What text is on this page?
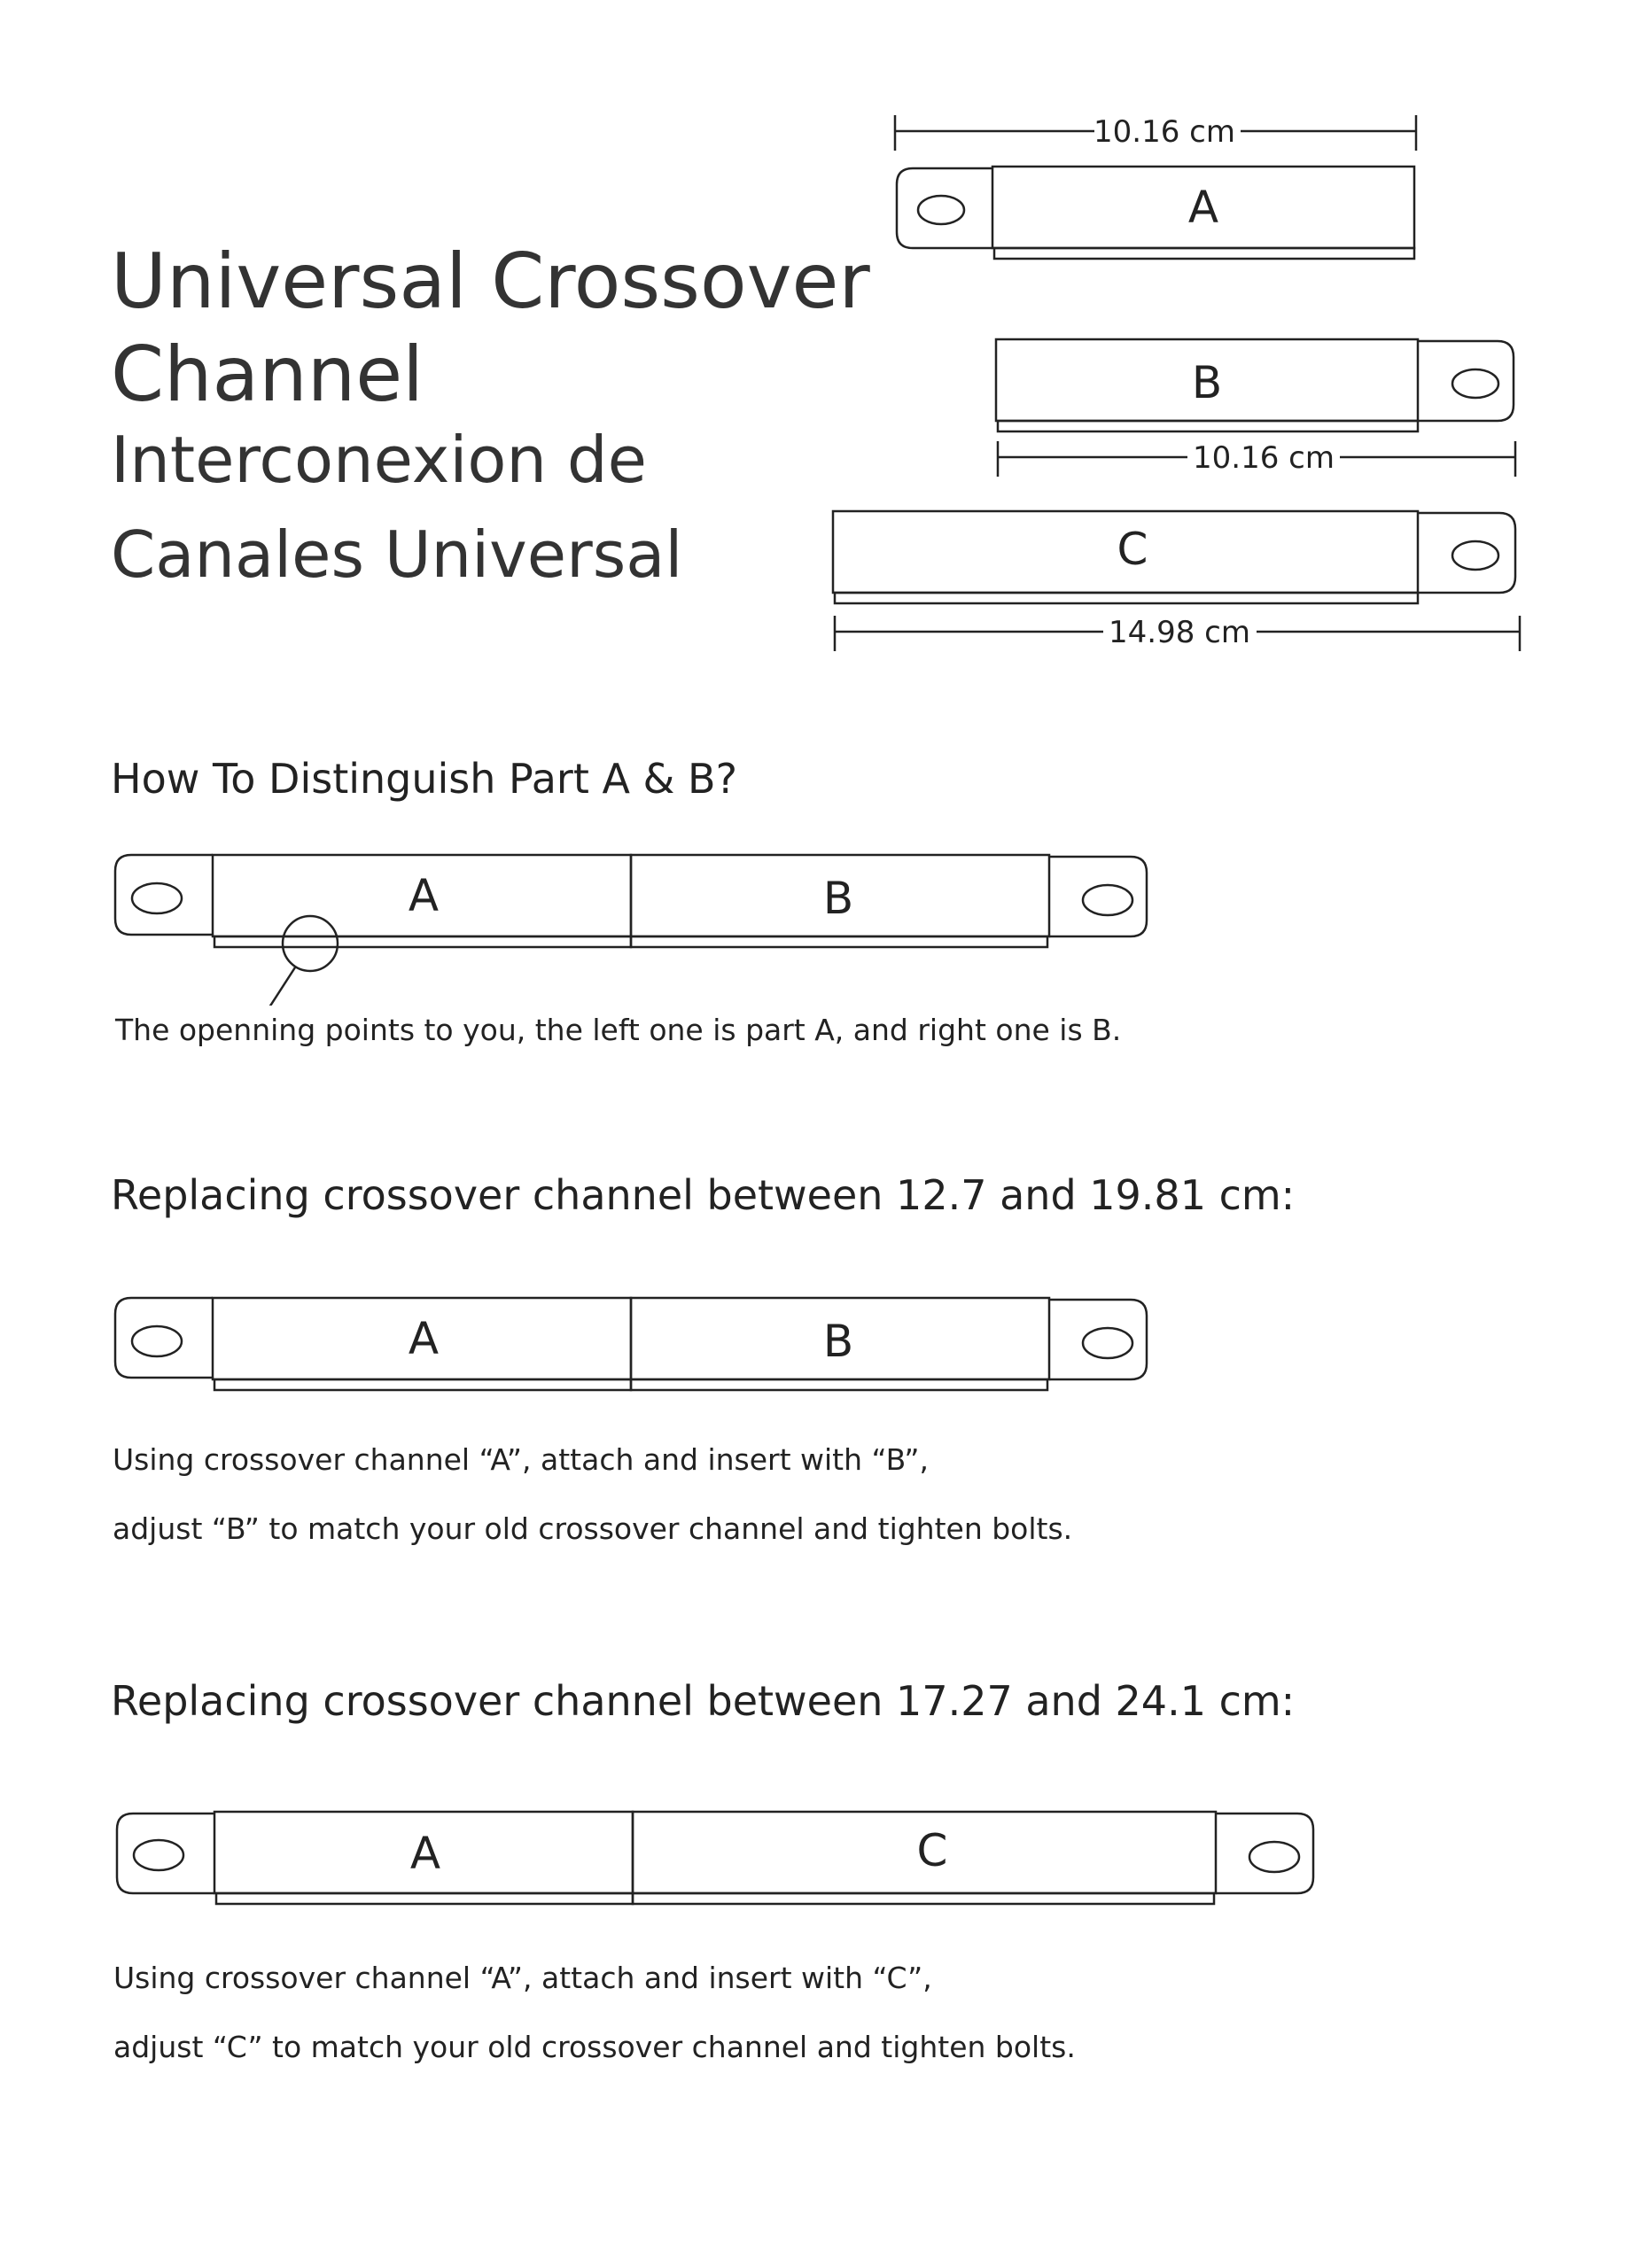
Universal Crossover
Channel
Interconexion de
Canales Universal
10.16 cm
A
B
10.16 cm
C
14.98 cm
How To Distinguish Part A & B?
A	B

The openning points to you, the left one is part A, and right one is B.

Replacing crossover channel between 12.7 and 19.81 cm:
A	B

Using crossover channel “A”, attach and insert with “B”,

adjust “B” to match your old crossover channel and tighten bolts.

Replacing crossover channel between 17.27 and 24.1 cm:
A	C

Using crossover channel “A”, attach and insert with “C”,

adjust “C” to match your old crossover channel and tighten bolts.
